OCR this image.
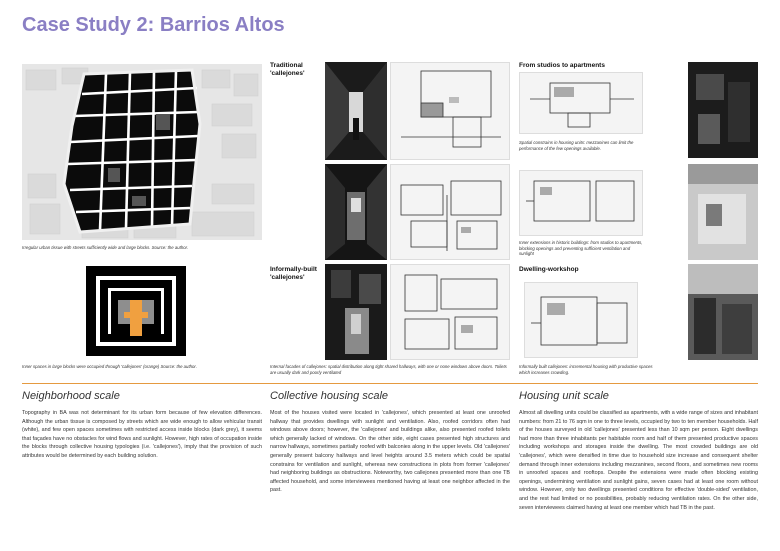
Case Study 2: Barrios Altos
Irregular urban tissue with streets sufficiently wide and large blocks. Source: the author.
Inner spaces in large blocks were occupied through 'callejones' (orange) Source: the author.
Traditional 'callejones'
Informally-built 'callejones'
Internal facades of callejones: spatial distribution along tight shared hallways, with one or none windows above doors. Toilets are usually dark and poorly ventilated
From studios to apartments
Spatial constrains in housing units: mezzanines can limit the performance of the few openings available.
Inner extensions in historic buildings: from studios to apartments, blocking openings and preventing sufficient ventilation and sunlight
Dwelling-workshop
Informally built callejones: incremental housing with productive spaces which increases crowding.
Neighborhood scale
Topography in BA was not determinant for its urban form because of few elevation differences. Although the urban tissue is composed by streets which are wide enough to allow vehicular transit (white), and few open spaces sometimes with restricted access inside blocks (dark grey), it seems that façades have no obstacles for wind flows and sunlight. However, high rates of occupation inside the blocks through collective housing typologies (i.e. 'callejones'), imply that the provision of such attributes would be determined by each building solution.
Collective housing scale
Most of the houses visited were located in 'callejones', which presented at least one unroofed hallway that provides dwellings with sunlight and ventilation. Also, roofed corridors often had windows above doors; however, the 'callejones' and buildings alike, also presented roofed toilets which generally lacked of windows. On the other side, eight cases presented high structures and narrow hallways, sometimes partially roofed with balconies along in the upper levels. Old 'callejones' generally present balcony hallways and level heights around 3.5 meters which could be spatial constrains for ventilation and sunlight, whereas new constructions in plots from former 'callejones' had neighboring buildings as obstructions. Noteworthy, two callejones presented more than one TB affected household, and some interviewees mentioned having at least one neighbor affected in the past.
Housing unit scale
Almost all dwelling units could be classified as apartments, with a wide range of sizes and inhabitant numbers: from 21 to 76 sqm in one to three levels, occupied by two to ten member households. Half of the houses surveyed in old 'callejones' presented less than 10 sqm per person. Eight dwellings had more than three inhabitants per habitable room and half of them presented productive spaces including workshops and storages inside the dwelling. The most crowded buildings are old 'callejones', which were densified in time due to household size increase and consequent shelter demand through inner extensions including mezzanines, second floors, and sometimes new rooms in unroofed spaces and rooftops. Despite the extensions were made often blocking existing openings, undermining ventilation and sunlight gains, seven cases had at least one room without window. However, only two dwellings presented conditions for effective 'double-sided' ventilation, and the rest had limited or no possibilities, probably reducing ventilation rates. On the other side, seven interviewees claimed having at least one member which had TB in the past.
